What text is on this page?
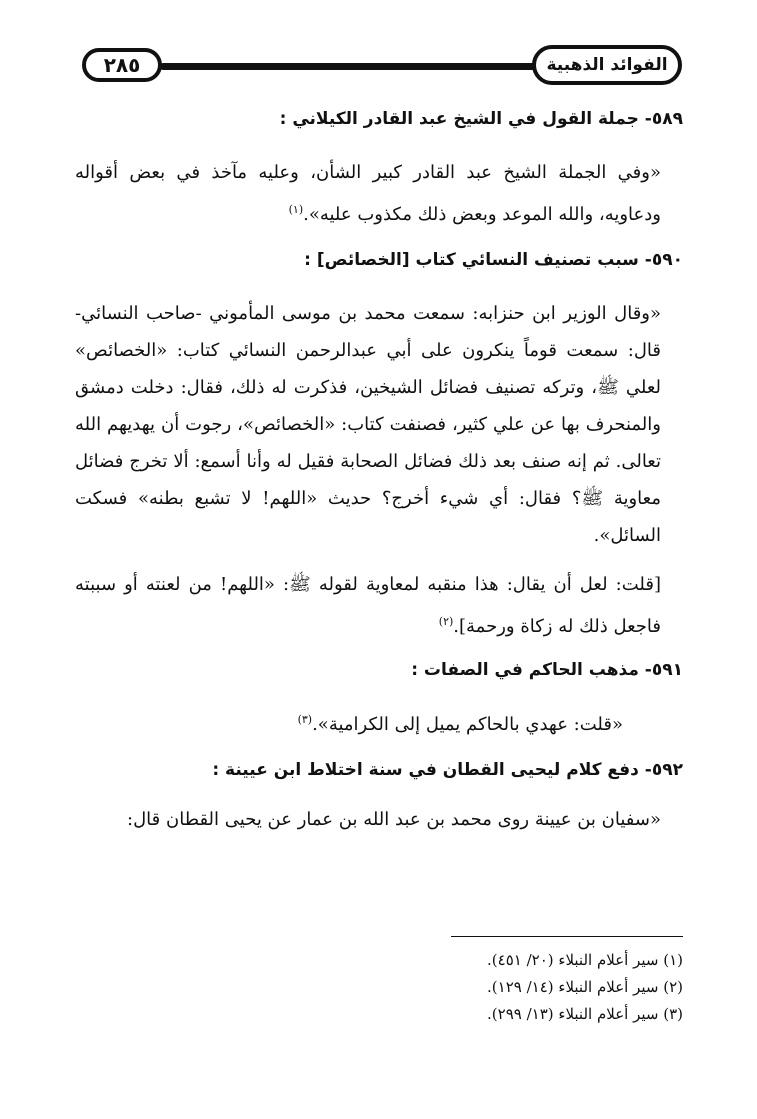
٢٨٥	الفوائد الذهبية
٥٨٩- جملة القول في الشيخ عبد القادر الكيلاني :

«وفي الجملة الشيخ عبد القادر كبير الشأن، وعليه مآخذ في بعض أقواله ودعاويه، والله الموعد وبعض ذلك مكذوب عليه».$^{(١)}$

٥٩٠- سبب تصنيف النسائي كتاب [الخصائص] :

«وقال الوزير ابن حنزابه: سمعت محمد بن موسى المأموني -صاحب النسائي- قال: سمعت قوماً ينكرون على أبي عبدالرحمن النسائي كتاب: «الخصائص» لعلي ﷺ، وتركه تصنيف فضائل الشيخين، فذكرت له ذلك، فقال: دخلت دمشق والمنحرف بها عن علي كثير، فصنفت كتاب: «الخصائص»، رجوت أن يهديهم الله تعالى. ثم إنه صنف بعد ذلك فضائل الصحابة فقيل له وأنا أسمع: ألا تخرج فضائل معاوية ﷺ؟ فقال: أي شيء أخرج؟ حديث «اللهم! لا تشبع بطنه» فسكت السائل».

[قلت: لعل أن يقال: هذا منقبه لمعاوية لقوله ﷺ: «اللهم! من لعنته أو سببته فاجعل ذلك له زكاة ورحمة].$^{(٢)}$

٥٩١- مذهب الحاكم في الصفات :

«قلت: عهدي بالحاكم يميل إلى الكرامية».$^{(٣)}$

٥٩٢- دفع كلام ليحيى القطان في سنة اختلاط ابن عيينة :

«سفيان بن عيينة روى محمد بن عبد الله بن عمار عن يحيى القطان قال:

(١) سير أعلام النبلاء (٢٠/ ٤٥١).

(٢) سير أعلام النبلاء (١٤/ ١٢٩).

(٣) سير أعلام النبلاء (١٣/ ٢٩٩).
